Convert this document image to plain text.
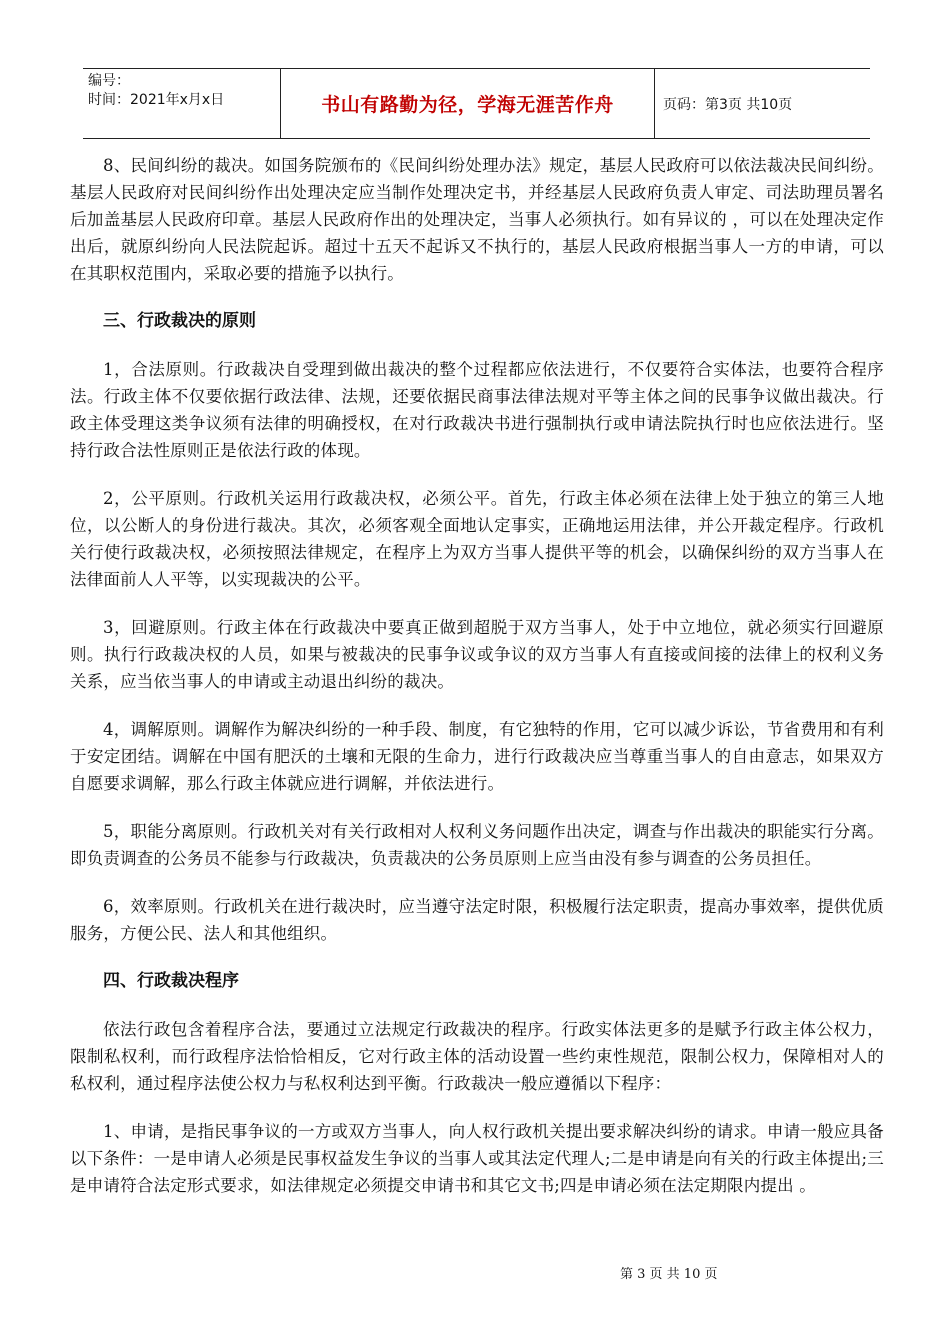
编号：
时间：2021年x月x日	书山有路勤为径，学海无涯苦作舟	页码：第3页 共10页

8、民间纠纷的裁决。如国务院颁布的《民间纠纷处理办法》规定，基层人民政府可以依法裁决民间纠纷。基层人民政府对民间纠纷作出处理决定应当制作处理决定书，并经基层人民政府负责人审定、司法助理员署名后加盖基层人民政府印章。基层人民政府作出的处理决定，当事人必须执行。如有异议的 ，可以在处理决定作出后，就原纠纷向人民法院起诉。超过十五天不起诉又不执行的，基层人民政府根据当事人一方的申请，可以在其职权范围内，采取必要的措施予以执行。

三、行政裁决的原则

1，合法原则。行政裁决自受理到做出裁决的整个过程都应依法进行，不仅要符合实体法，也要符合程序法。行政主体不仅要依据行政法律、法规，还要依据民商事法律法规对平等主体之间的民事争议做出裁决。行政主体受理这类争议须有法律的明确授权，在对行政裁决书进行强制执行或申请法院执行时也应依法进行。坚持行政合法性原则正是依法行政的体现。

2，公平原则。行政机关运用行政裁决权，必须公平。首先，行政主体必须在法律上处于独立的第三人地位，以公断人的身份进行裁决。其次，必须客观全面地认定事实，正确地运用法律，并公开裁定程序。行政机关行使行政裁决权，必须按照法律规定，在程序上为双方当事人提供平等的机会，以确保纠纷的双方当事人在法律面前人人平等，以实现裁决的公平。

3，回避原则。行政主体在行政裁决中要真正做到超脱于双方当事人，处于中立地位，就必须实行回避原则。执行行政裁决权的人员，如果与被裁决的民事争议或争议的双方当事人有直接或间接的法律上的权利义务关系，应当依当事人的申请或主动退出纠纷的裁决。

4，调解原则。调解作为解决纠纷的一种手段、制度，有它独特的作用，它可以减少诉讼，节省费用和有利于安定团结。调解在中国有肥沃的土壤和无限的生命力，进行行政裁决应当尊重当事人的自由意志，如果双方自愿要求调解，那么行政主体就应进行调解，并依法进行。

5，职能分离原则。行政机关对有关行政相对人权利义务问题作出决定，调查与作出裁决的职能实行分离。即负责调查的公务员不能参与行政裁决，负责裁决的公务员原则上应当由没有参与调查的公务员担任。

6，效率原则。行政机关在进行裁决时，应当遵守法定时限，积极履行法定职责，提高办事效率，提供优质服务，方便公民、法人和其他组织。

四、行政裁决程序

依法行政包含着程序合法，要通过立法规定行政裁决的程序。行政实体法更多的是赋予行政主体公权力，限制私权利，而行政程序法恰恰相反，它对行政主体的活动设置一些约束性规范，限制公权力，保障相对人的私权利，通过程序法使公权力与私权利达到平衡。行政裁决一般应遵循以下程序：

1、申请，是指民事争议的一方或双方当事人，向人权行政机关提出要求解决纠纷的请求。申请一般应具备以下条件：一是申请人必须是民事权益发生争议的当事人或其法定代理人;二是申请是向有关的行政主体提出;三是申请符合法定形式要求，如法律规定必须提交申请书和其它文书;四是申请必须在法定期限内提出 。

第 3 页 共 10 页
